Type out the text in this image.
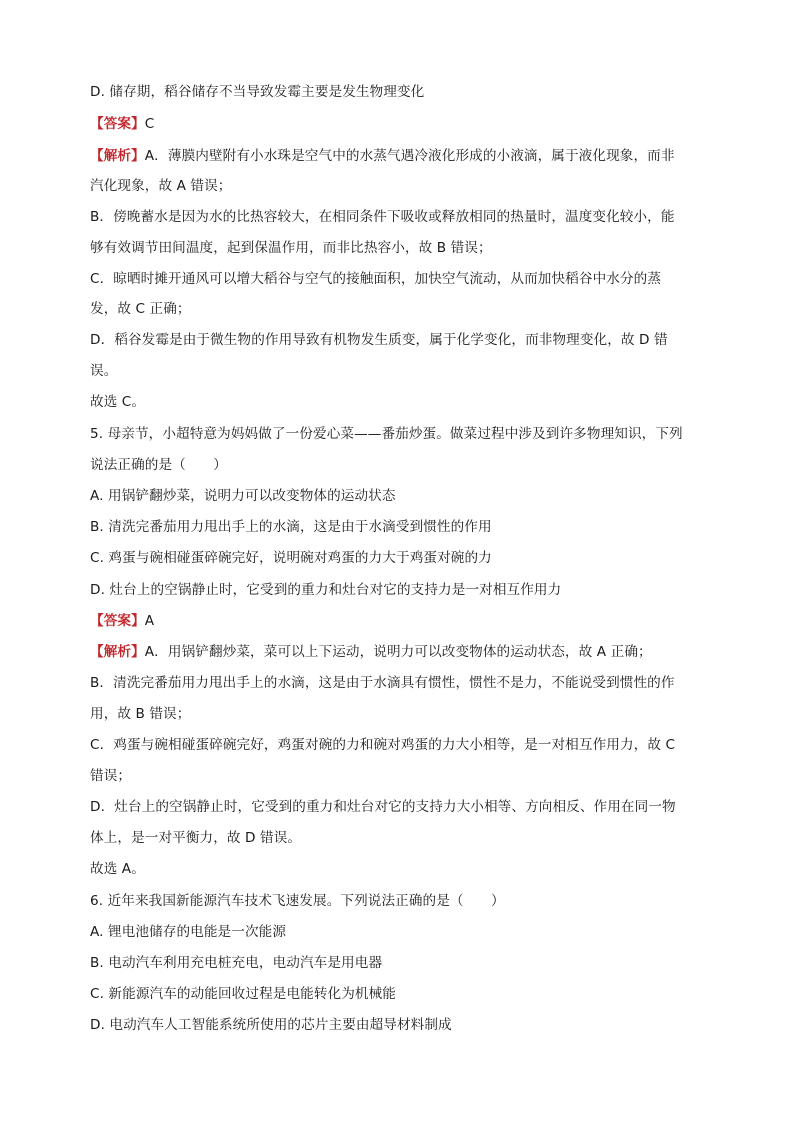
D. 储存期，稻谷储存不当导致发霉主要是发生物理变化
【答案】C
【解析】A．薄膜内壁附有小水珠是空气中的水蒸气遇冷液化形成的小液滴，属于液化现象，而非
汽化现象，故 A 错误；
B．傍晚蓄水是因为水的比热容较大，在相同条件下吸收或释放相同的热量时，温度变化较小，能
够有效调节田间温度，起到保温作用，而非比热容小，故 B 错误；
C．晾晒时摊开通风可以增大稻谷与空气的接触面积，加快空气流动，从而加快稻谷中水分的蒸
发，故 C 正确；
D．稻谷发霉是由于微生物的作用导致有机物发生质变，属于化学变化，而非物理变化，故 D 错
误。
故选 C。
5. 母亲节，小超特意为妈妈做了一份爱心菜——番茄炒蛋。做菜过程中涉及到许多物理知识，下列
说法正确的是（　　）
A. 用锅铲翻炒菜，说明力可以改变物体的运动状态
B. 清洗完番茄用力甩出手上的水滴，这是由于水滴受到惯性的作用
C. 鸡蛋与碗相碰蛋碎碗完好，说明碗对鸡蛋的力大于鸡蛋对碗的力
D. 灶台上的空锅静止时，它受到的重力和灶台对它的支持力是一对相互作用力
【答案】A
【解析】A．用锅铲翻炒菜，菜可以上下运动，说明力可以改变物体的运动状态，故 A 正确；
B．清洗完番茄用力甩出手上的水滴，这是由于水滴具有惯性，惯性不是力，不能说受到惯性的作
用，故 B 错误；
C．鸡蛋与碗相碰蛋碎碗完好，鸡蛋对碗的力和碗对鸡蛋的力大小相等，是一对相互作用力，故 C
错误；
D．灶台上的空锅静止时，它受到的重力和灶台对它的支持力大小相等、方向相反、作用在同一物
体上，是一对平衡力，故 D 错误。
故选 A。
6. 近年来我国新能源汽车技术飞速发展。下列说法正确的是（　　）
A. 锂电池储存的电能是一次能源
B. 电动汽车利用充电桩充电，电动汽车是用电器
C. 新能源汽车的动能回收过程是电能转化为机械能
D. 电动汽车人工智能系统所使用的芯片主要由超导材料制成
